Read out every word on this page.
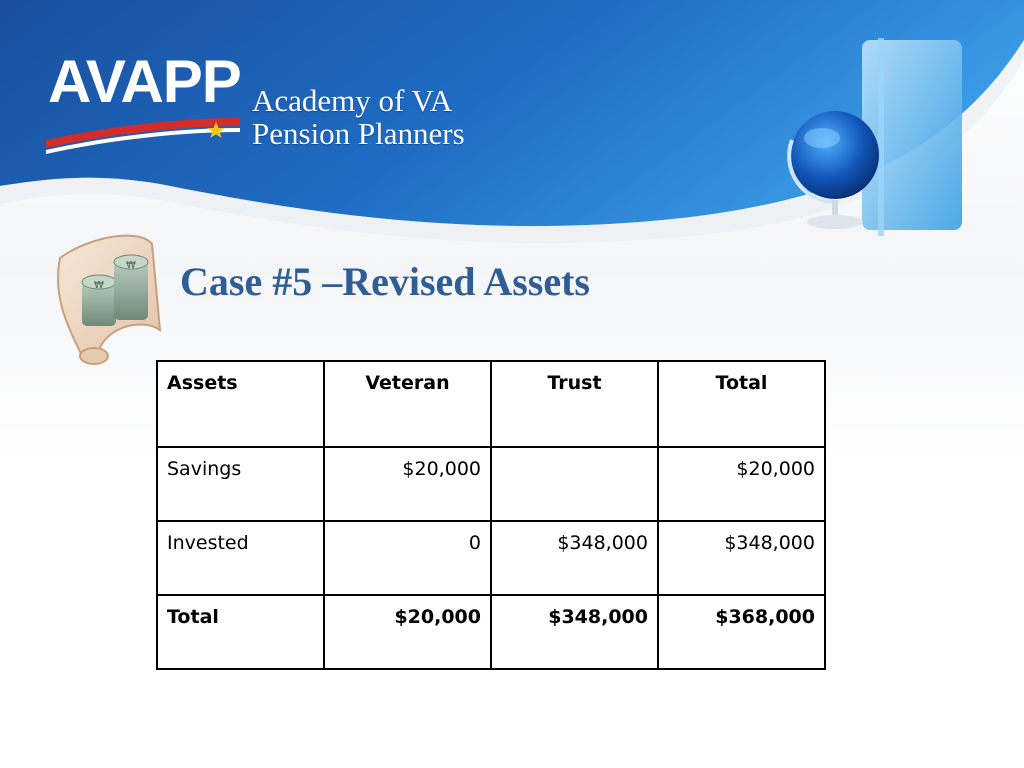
₩
₩
AVAPP Academy of VA
Pension Planners
Case #5 –Revised Assets
Assets	Veteran	Trust	Total
Savings	$20,000		$20,000
Invested	0	$348,000	$348,000
Total	$20,000	$348,000	$368,000
